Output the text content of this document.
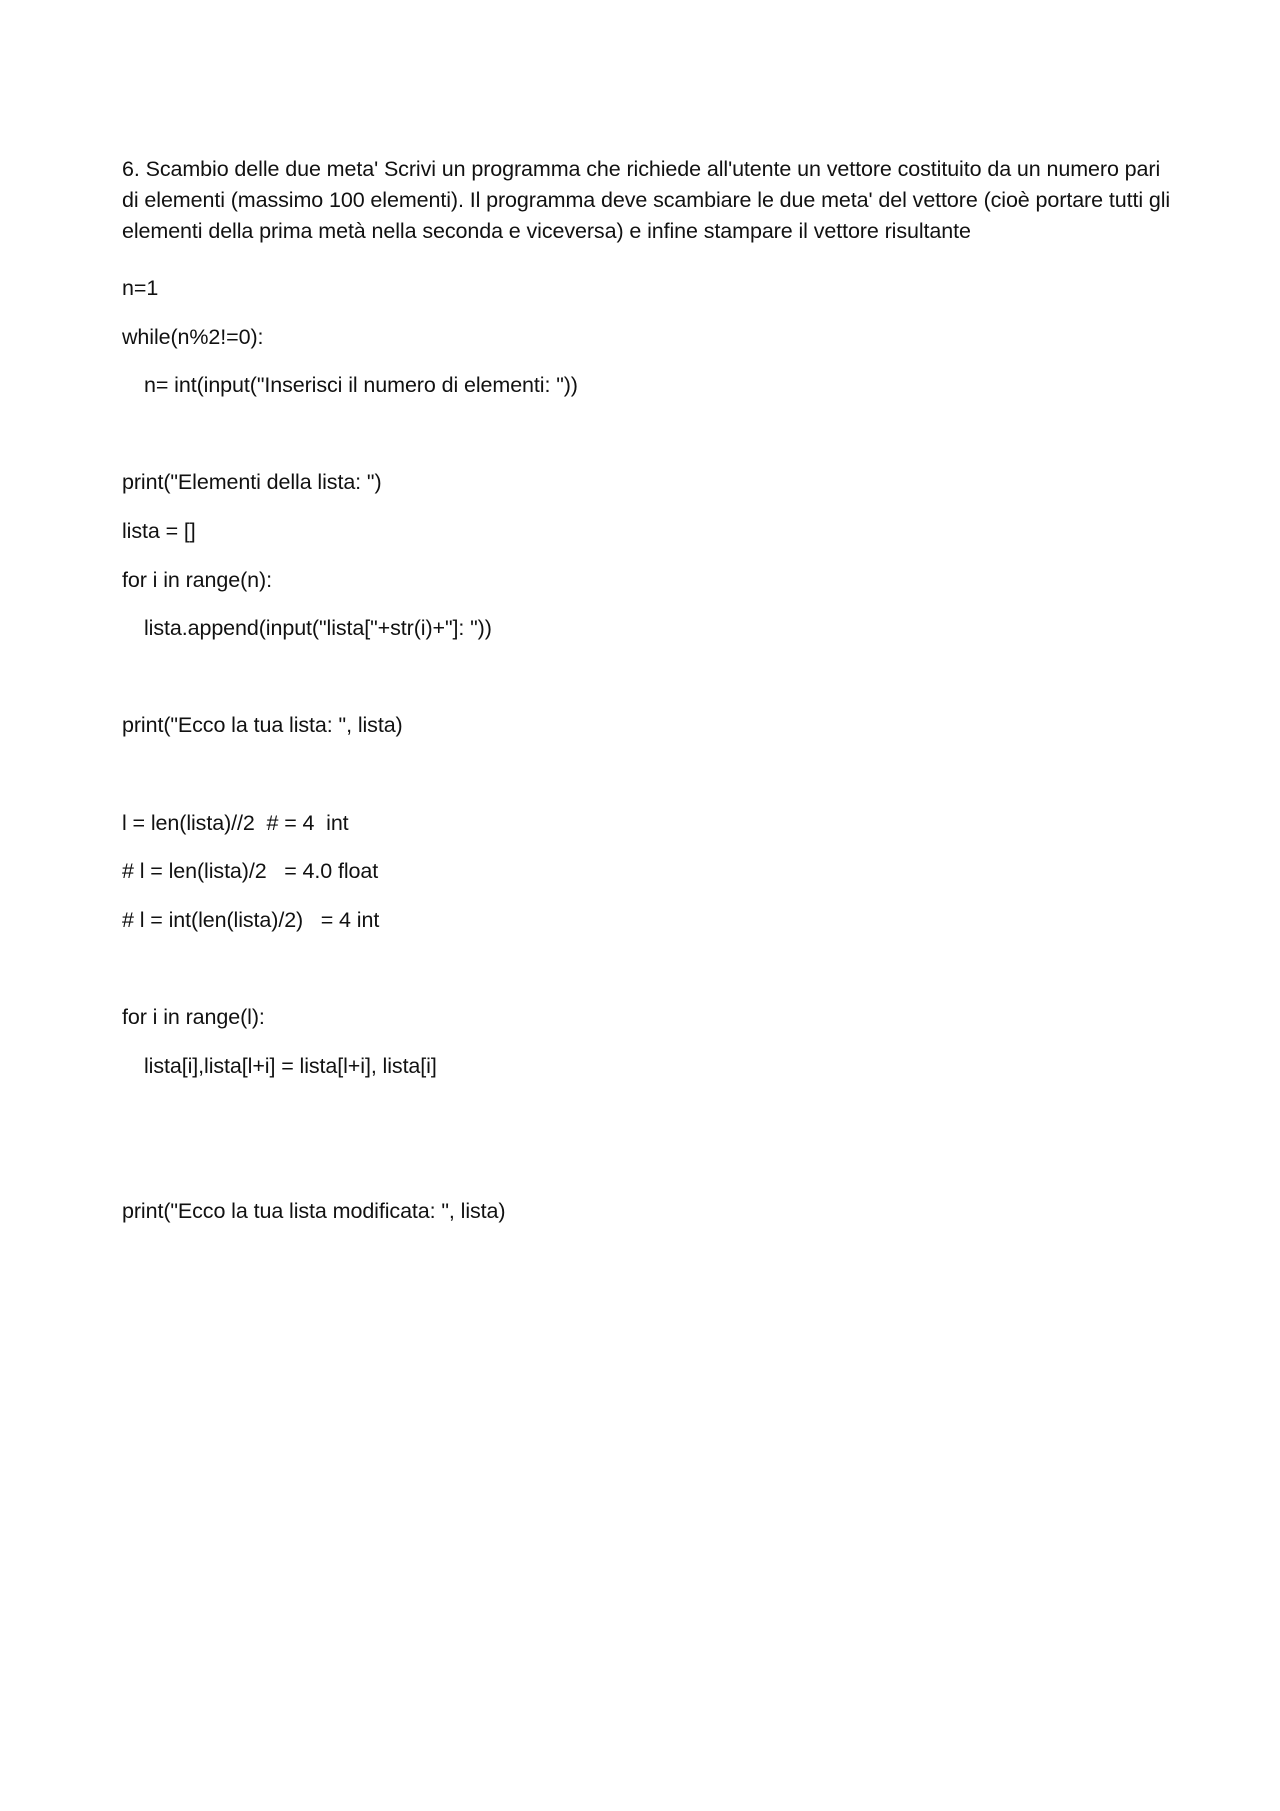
6. Scambio delle due meta' Scrivi un programma che richiede all'utente un vettore costituito da un numero pari di elementi (massimo 100 elementi). Il programma deve scambiare le due meta' del vettore (cioè portare tutti gli elementi della prima metà nella seconda e viceversa) e infine stampare il vettore risultante

n=1
while(n%2!=0):
n= int(input("Inserisci il numero di elementi: "))
print("Elementi della lista: ")
lista = []
for i in range(n):
lista.append(input("lista["+str(i)+"]: "))
print("Ecco la tua lista: ", lista)
l = len(lista)//2  # = 4  int
# l = len(lista)/2   = 4.0 float
# l = int(len(lista)/2)   = 4 int
for i in range(l):
lista[i],lista[l+i] = lista[l+i], lista[i]
print("Ecco la tua lista modificata: ", lista)
